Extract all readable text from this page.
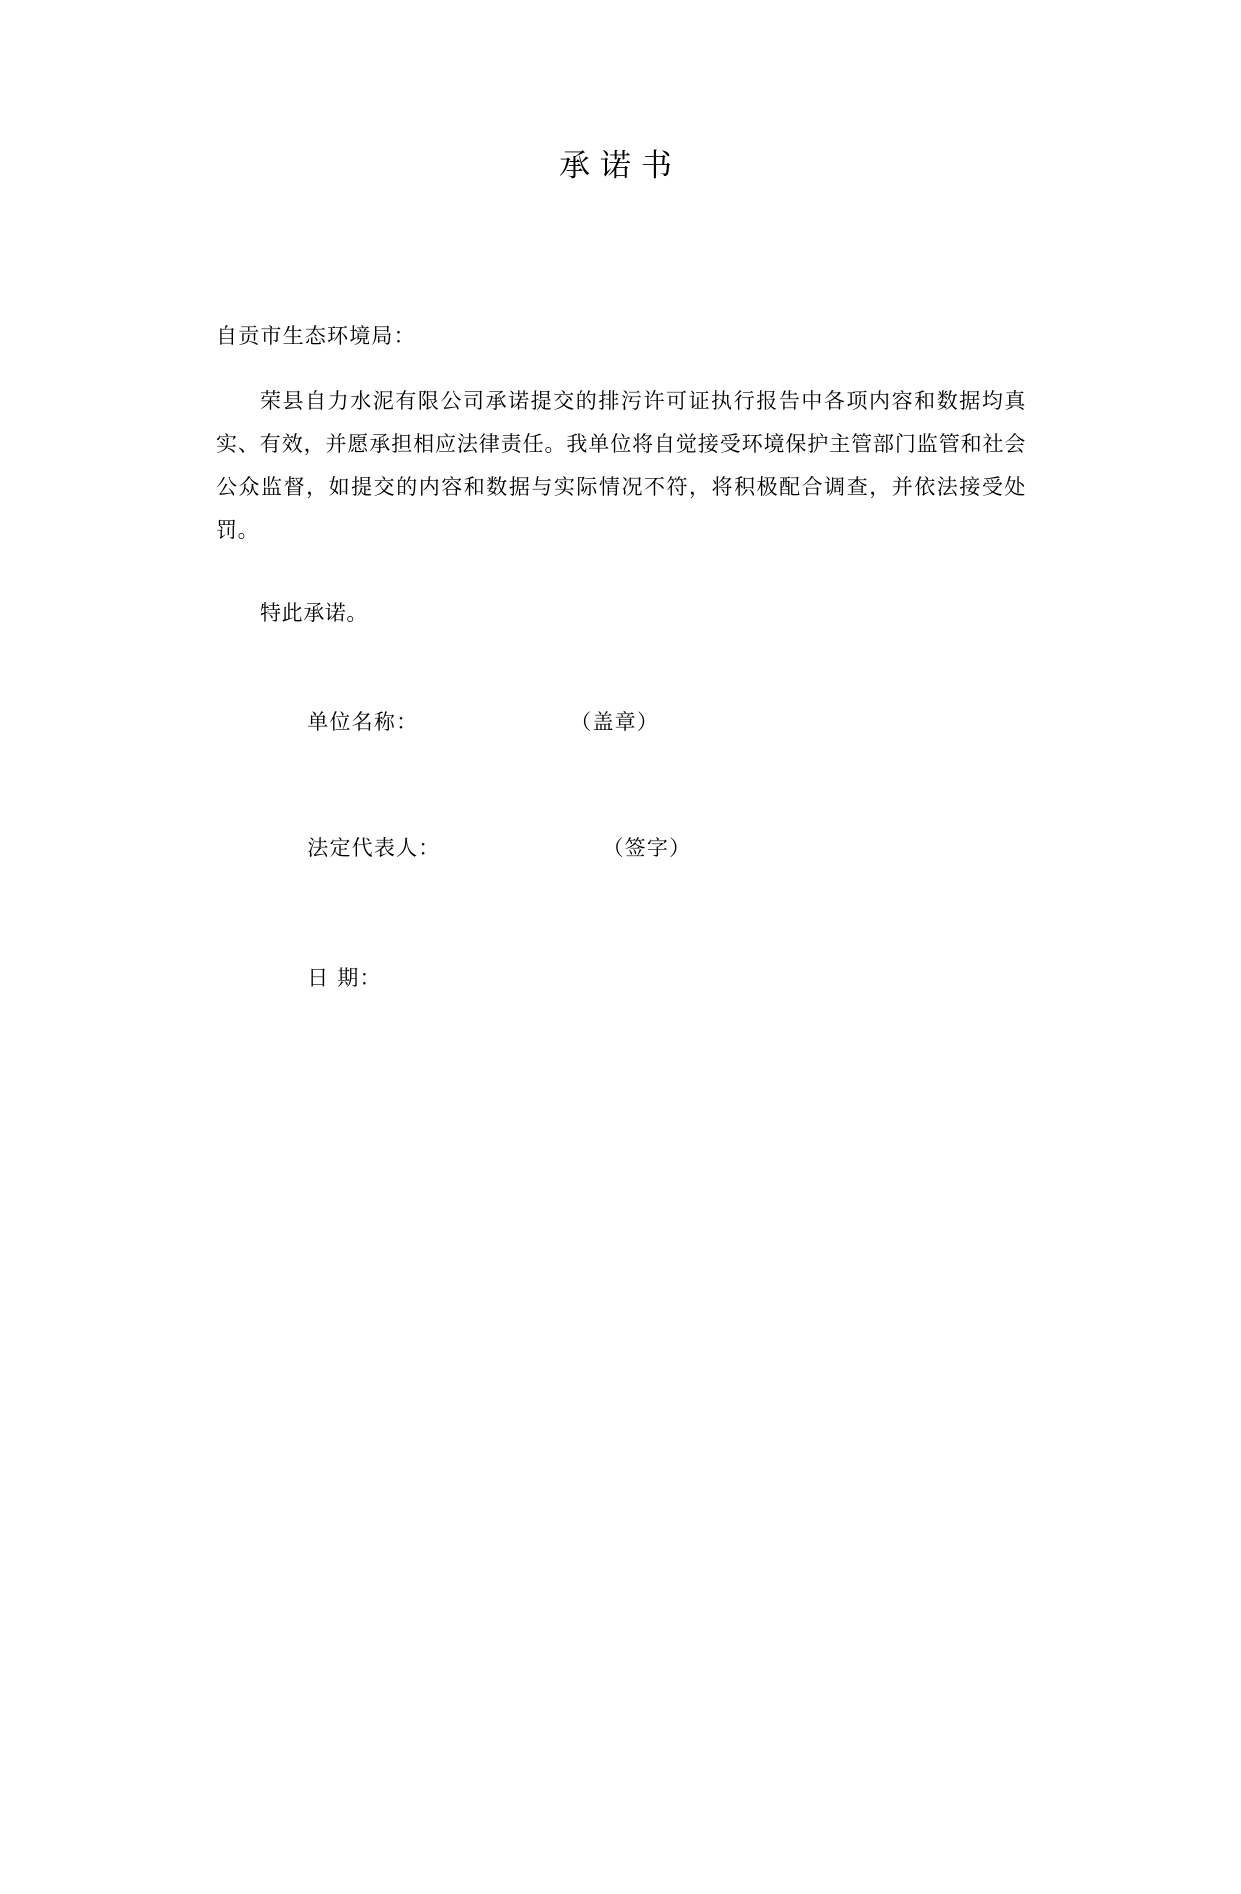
承诺书
自贡市生态环境局：
荣县自力水泥有限公司承诺提交的排污许可证执行报告中各项内容和数据均真实、有效，并愿承担相应法律责任。我单位将自觉接受环境保护主管部门监管和社会公众监督，如提交的内容和数据与实际情况不符，将积极配合调查，并依法接受处罚。
特此承诺。

单位名称：	（盖章）

法定代表人：	（签字）

日 期：
